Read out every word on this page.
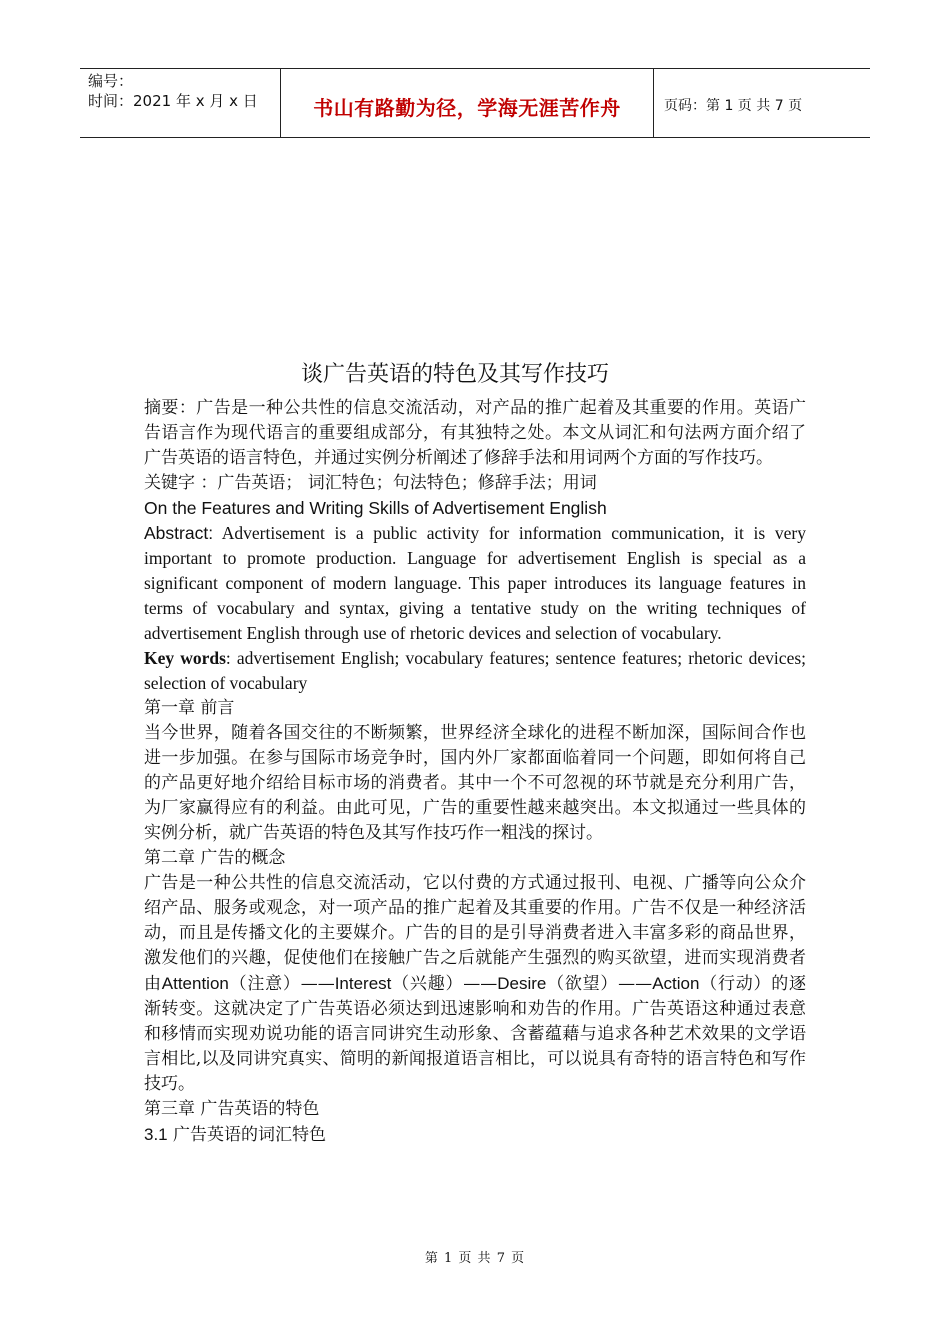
编号：
时间：2021 年 x 月 x 日	书山有路勤为径，学海无涯苦作舟	页码：第 1 页 共 7 页
谈广告英语的特色及其写作技巧

摘要：广告是一种公共性的信息交流活动，对产品的推广起着及其重要的作用。英语广告语言作为现代语言的重要组成部分，有其独特之处。本文从词汇和句法两方面介绍了广告英语的语言特色，并通过实例分析阐述了修辞手法和用词两个方面的写作技巧。

关键字 ：广告英语； 词汇特色；句法特色；修辞手法；用词

On the Features and Writing Skills of Advertisement English

Abstract: Advertisement is a public activity for information communication, it is very important to promote production. Language for advertisement English is special as a significant component of modern language. This paper introduces its language features in terms of vocabulary and syntax, giving a tentative study on the writing techniques of advertisement English through use of rhetoric devices and selection of vocabulary.

Key words: advertisement English; vocabulary features; sentence features; rhetoric devices; selection of vocabulary

第一章 前言

当今世界，随着各国交往的不断频繁，世界经济全球化的进程不断加深，国际间合作也进一步加强。在参与国际市场竞争时，国内外厂家都面临着同一个问题，即如何将自己的产品更好地介绍给目标市场的消费者。其中一个不可忽视的环节就是充分利用广告，为厂家赢得应有的利益。由此可见，广告的重要性越来越突出。本文拟通过一些具体的实例分析，就广告英语的特色及其写作技巧作一粗浅的探讨。

第二章 广告的概念

广告是一种公共性的信息交流活动，它以付费的方式通过报刊、电视、广播等向公众介绍产品、服务或观念，对一项产品的推广起着及其重要的作用。广告不仅是一种经济活动，而且是传播文化的主要媒介。广告的目的是引导消费者进入丰富多彩的商品世界，激发他们的兴趣，促使他们在接触广告之后就能产生强烈的购买欲望，进而实现消费者由Attention（注意）——Interest（兴趣）——Desire（欲望）——Action（行动）的逐渐转变。这就决定了广告英语必须达到迅速影响和劝告的作用。广告英语这种通过表意和移情而实现劝说功能的语言同讲究生动形象、含蓄蕴藉与追求各种艺术效果的文学语言相比,以及同讲究真实、简明的新闻报道语言相比，可以说具有奇特的语言特色和写作技巧。

第三章 广告英语的特色

3.1 广告英语的词汇特色

第 1 页 共 7 页
